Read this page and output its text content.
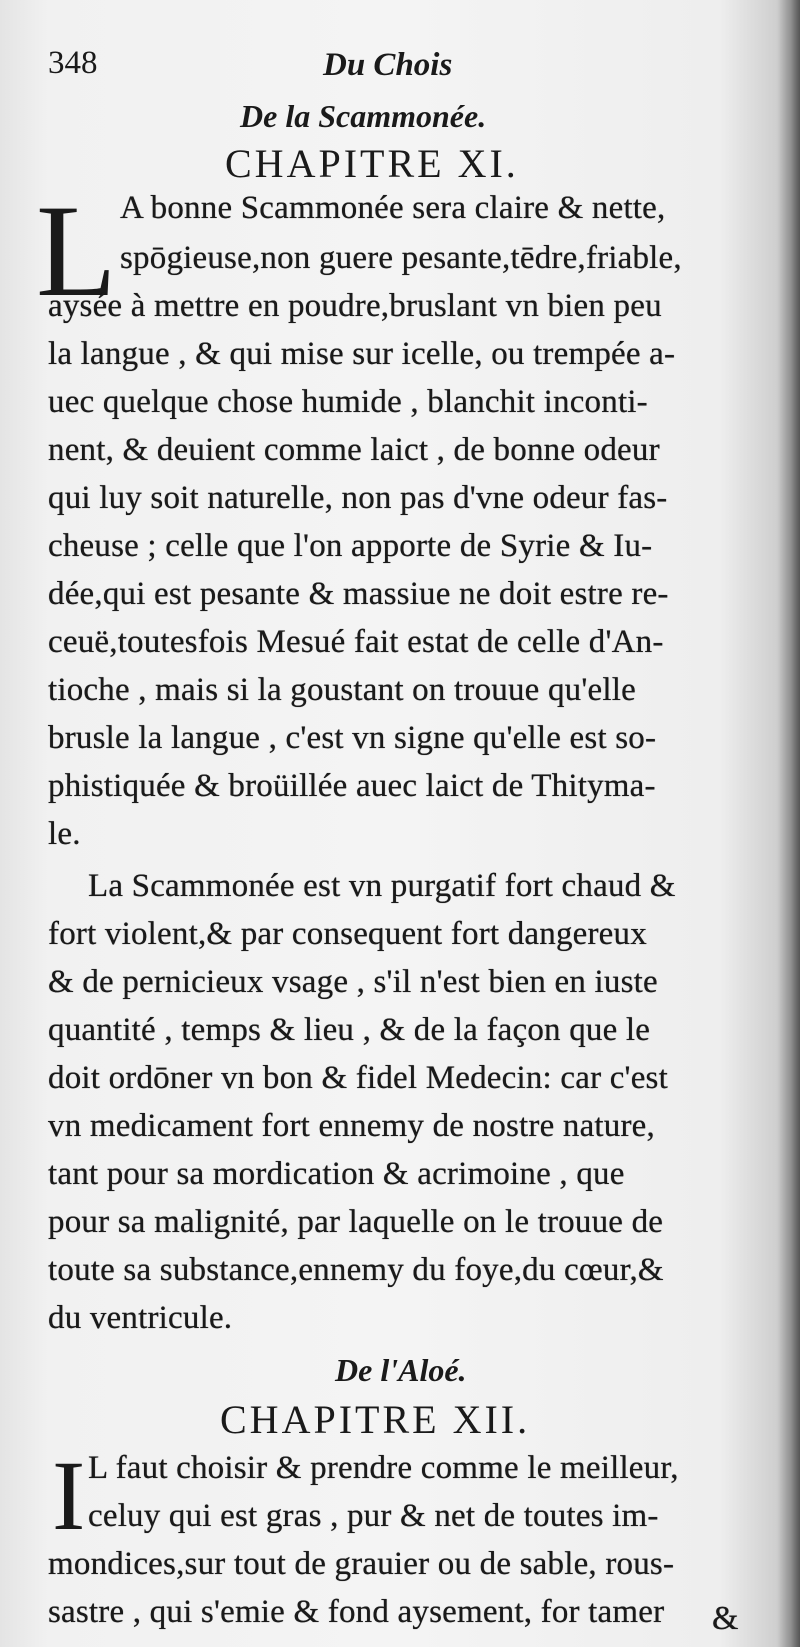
348	Du Chois
De la Scammonée.
CHAPITRE XI.
L A bonne Scammonée sera claire & nette,
spōgieuse,non guere pesante,tēdre,friable,
aysée à mettre en poudre,bruslant vn bien peu
la langue , & qui mise sur icelle, ou trempée a-
uec quelque chose humide , blanchit inconti-
nent, & deuient comme laict , de bonne odeur
qui luy soit naturelle, non pas d'vne odeur fas-
cheuse ; celle que l'on apporte de Syrie & Iu-
dée,qui est pesante & massiue ne doit estre re-
ceuë,toutesfois Mesué fait estat de celle d'An-
tioche , mais si la goustant on trouue qu'elle
brusle la langue , c'est vn signe qu'elle est so-
phistiquée & broüillée auec laict de Thityma-
le.
La Scammonée est vn purgatif fort chaud &
fort violent,& par consequent fort dangereux
& de pernicieux vsage , s'il n'est bien en iuste
quantité , temps & lieu , & de la façon que le
doit ordōner vn bon & fidel Medecin: car c'est
vn medicament fort ennemy de nostre nature,
tant pour sa mordication & acrimoine , que
pour sa malignité, par laquelle on le trouue de
toute sa substance,ennemy du foye,du cœur,&
du ventricule.
De l'Aloé.
CHAPITRE XII.
I L faut choisir & prendre comme le meilleur,
celuy qui est gras , pur & net de toutes im-
mondices,sur tout de grauier ou de sable, rous-
sastre , qui s'emie & fond aysement, for tamer &
